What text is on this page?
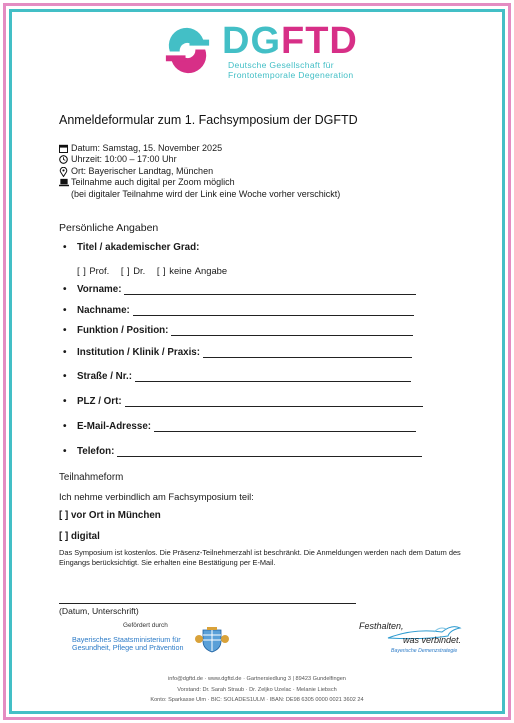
DGFTD
Deutsche Gesellschaft für
Frontotemporale Degeneration
Anmeldeformular zum 1. Fachsymposium der DGFTD
Datum: Samstag, 15. November 2025
Uhrzeit: 10:00 – 17:00 Uhr
Ort: Bayerischer Landtag, München
Teilnahme auch digital per Zoom möglich
(bei digitaler Teilnahme wird der Link eine Woche vorher verschickt)
Persönliche Angaben
•	Titel / akademischer Grad:
[ ] Prof. [ ] Dr. [ ] keine Angabe
•	Vorname:
•	Nachname:
•	Funktion / Position:
•	Institution / Klinik / Praxis:
•	Straße / Nr.:
•	PLZ / Ort:
•	E-Mail-Adresse:
•	Telefon:
Teilnahmeform
Ich nehme verbindlich am Fachsymposium teil:
[ ] vor Ort in München
[ ] digital
Das Symposium ist kostenlos. Die Präsenz-Teilnehmerzahl ist beschränkt. Die Anmeldungen werden nach dem Datum des Eingangs berücksichtigt. Sie erhalten eine Bestätigung per E-Mail.
(Datum, Unterschrift)
Gefördert durch
Bayerisches Staatsministerium für
Gesundheit, Pflege und Prävention
Festhalten,
was verbindet.
Bayerische Demenzstrategie
info@dgftd.de · www.dgftd.de · Gartnersiedlung 3 | 89423 Gundelfingen
Vorstand: Dr. Sarah Straub · Dr. Zeljko Uzelac · Melanie Liebsch
Konto: Sparkasse Ulm · BIC: SOLADES1ULM · IBAN: DE98 6305 0000 0021 3602 24
